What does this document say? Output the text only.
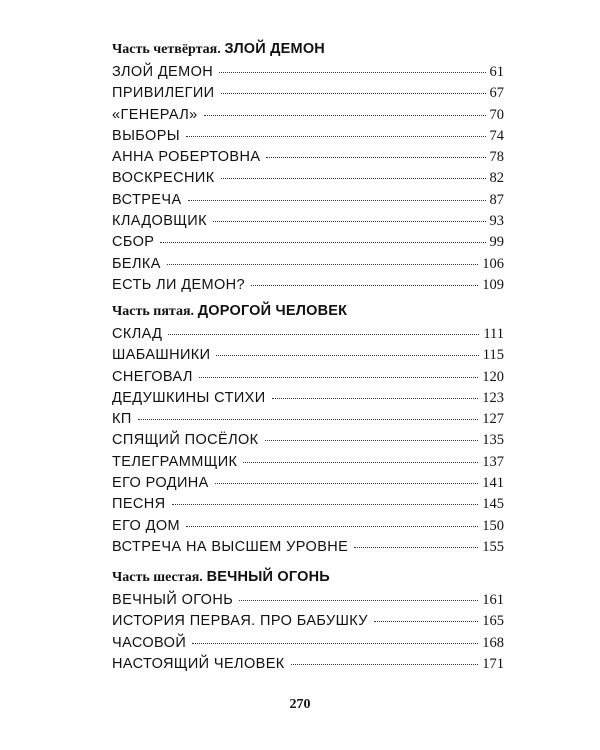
Часть четвёртая. ЗЛОЙ ДЕМОН
ЗЛОЙ ДЕМОН	61
ПРИВИЛЕГИИ	67
«ГЕНЕРАЛ»	70
ВЫБОРЫ	74
АННА РОБЕРТОВНА	78
ВОСКРЕСНИК	82
ВСТРЕЧА	87
КЛАДОВЩИК	93
СБОР	99
БЕЛКА	106
ЕСТЬ ЛИ ДЕМОН?	109
Часть пятая. ДОРОГОЙ ЧЕЛОВЕК
СКЛАД	111
ШАБАШНИКИ	115
СНЕГОВАЛ	120
ДЕДУШКИНЫ СТИХИ	123
КП	127
СПЯЩИЙ ПОСЁЛОК	135
ТЕЛЕГРАММЩИК	137
ЕГО РОДИНА	141
ПЕСНЯ	145
ЕГО ДОМ	150
ВСТРЕЧА НА ВЫСШЕМ УРОВНЕ	155
Часть шестая. ВЕЧНЫЙ ОГОНЬ
ВЕЧНЫЙ ОГОНЬ	161
ИСТОРИЯ ПЕРВАЯ. ПРО БАБУШКУ	165
ЧАСОВОЙ	168
НАСТОЯЩИЙ ЧЕЛОВЕК	171
270
